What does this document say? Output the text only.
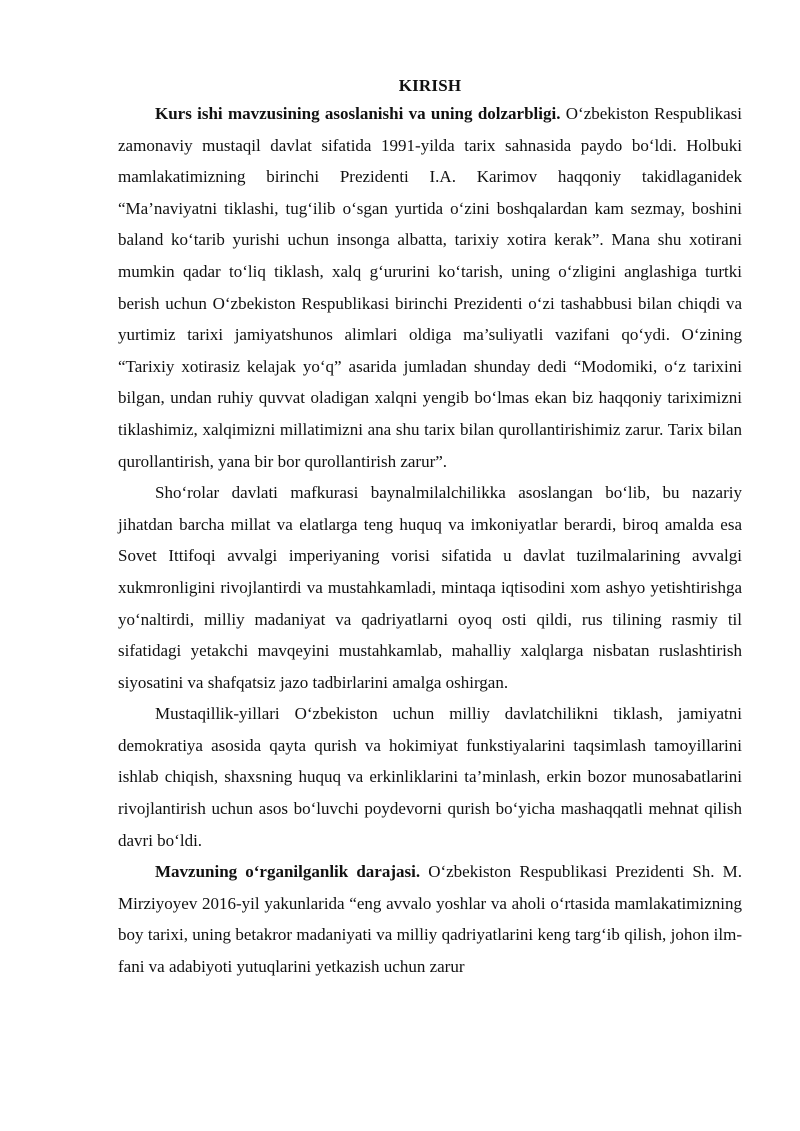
KIRISH

Kurs ishi mavzusining asoslanishi va uning dolzarbligi. O‘zbekiston Respublikasi zamonaviy mustaqil davlat sifatida 1991-yilda tarix sahnasida paydo bo‘ldi. Holbuki mamlakatimizning birinchi Prezidenti I.A. Karimov haqqoniy takidlaganidek “Ma’naviyatni tiklashi, tug‘ilib o‘sgan yurtida o‘zini boshqalardan kam sezmay, boshini baland ko‘tarib yurishi uchun insonga albatta, tarixiy xotira kerak”. Mana shu xotirani mumkin qadar to‘liq tiklash, xalq g‘ururini ko‘tarish, uning o‘zligini anglashiga turtki berish uchun O‘zbekiston Respublikasi birinchi Prezidenti o‘zi tashabbusi bilan chiqdi va yurtimiz tarixi jamiyatshunos alimlari oldiga ma’suliyatli vazifani qo‘ydi. O‘zining “Tarixiy xotirasiz kelajak yo‘q” asarida jumladan shunday dedi “Modomiki, o‘z tarixini bilgan, undan ruhiy quvvat oladigan xalqni yengib bo‘lmas ekan biz haqqoniy tariximizni tiklashimiz, xalqimizni millatimizni ana shu tarix bilan qurollantirishimiz zarur. Tarix bilan qurollantirish, yana bir bor qurollantirish zarur”.

Sho‘rolar davlati mafkurasi baynalmilalchilikka asoslangan bo‘lib, bu nazariy jihatdan barcha millat va elatlarga teng huquq va imkoniyatlar berardi, biroq amalda esa Sovet Ittifoqi avvalgi imperiyaning vorisi sifatida u davlat tuzilmalarining avvalgi xukmronligini rivojlantirdi va mustahkamladi, mintaqa iqtisodini xom ashyo yetishtirishga yo‘naltirdi, milliy madaniyat va qadriyatlarni oyoq osti qildi, rus tilining rasmiy til sifatidagi yetakchi mavqeyini mustahkamlab, mahalliy xalqlarga nisbatan ruslashtirish siyosatini va shafqatsiz jazo tadbirlarini amalga oshirgan.

Mustaqillik-yillari O‘zbekiston uchun milliy davlatchilikni tiklash, jamiyatni demokratiya asosida qayta qurish va hokimiyat funkstiyalarini taqsimlash tamoyillarini ishlab chiqish, shaxsning huquq va erkinliklarini ta’minlash, erkin bozor munosabatlarini rivojlantirish uchun asos bo‘luvchi poydevorni qurish bo‘yicha mashaqqatli mehnat qilish davri bo‘ldi.

Mavzuning o‘rganilganlik darajasi. O‘zbekiston Respublikasi Prezidenti Sh. M. Mirziyoyev 2016-yil yakunlarida “eng avvalo yoshlar va aholi o‘rtasida mamlakatimizning boy tarixi, uning betakror madaniyati va milliy qadriyatlarini keng targ‘ib qilish, johon ilm-fani va adabiyoti yutuqlarini yetkazish uchun zarur
